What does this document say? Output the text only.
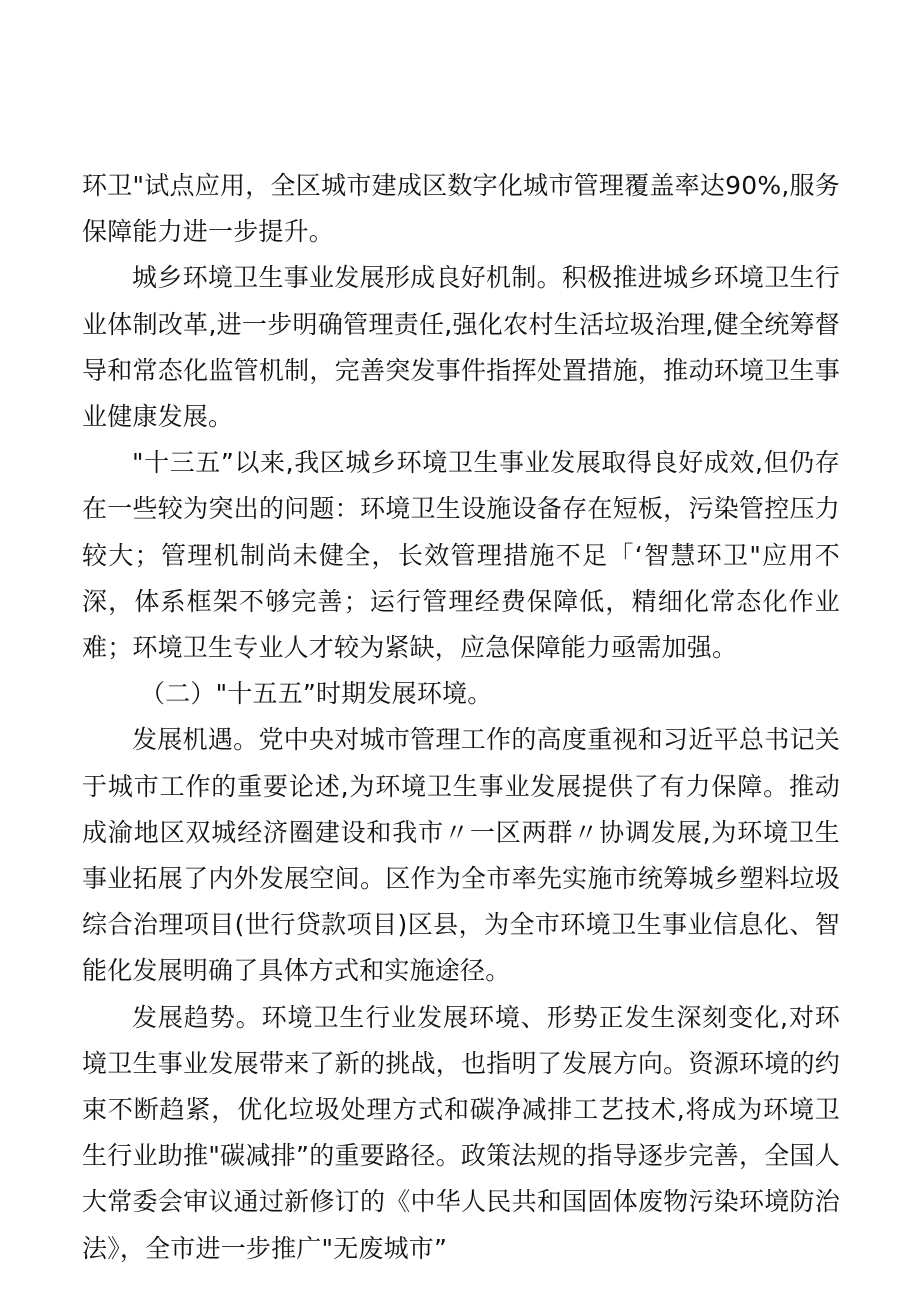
环卫"试点应用，全区城市建成区数字化城市管理覆盖率达90%,服务保障能力进一步提升。

城乡环境卫生事业发展形成良好机制。积极推进城乡环境卫生行业体制改革,进一步明确管理责任,强化农村生活垃圾治理,健全统筹督导和常态化监管机制，完善突发事件指挥处置措施，推动环境卫生事业健康发展。

"十三五”以来,我区城乡环境卫生事业发展取得良好成效,但仍存在一些较为突出的问题：环境卫生设施设备存在短板，污染管控压力较大；管理机制尚未健全，长效管理措施不足「‘智慧环卫"应用不深，体系框架不够完善；运行管理经费保障低，精细化常态化作业难；环境卫生专业人才较为紧缺，应急保障能力亟需加强。

（二）"十五五”时期发展环境。

发展机遇。党中央对城市管理工作的高度重视和习近平总书记关于城市工作的重要论述,为环境卫生事业发展提供了有力保障。推动成渝地区双城经济圈建设和我市〃一区两群〃协调发展,为环境卫生事业拓展了内外发展空间。区作为全市率先实施市统筹城乡塑料垃圾综合治理项目(世行贷款项目)区县，为全市环境卫生事业信息化、智能化发展明确了具体方式和实施途径。

发展趋势。环境卫生行业发展环境、形势正发生深刻变化,对环境卫生事业发展带来了新的挑战，也指明了发展方向。资源环境的约束不断趋紧，优化垃圾处理方式和碳净减排工艺技术,将成为环境卫生行业助推"碳减排”的重要路径。政策法规的指导逐步完善，全国人大常委会审议通过新修订的《中华人民共和国固体废物污染环境防治法》，全市进一步推广"无废城市”
